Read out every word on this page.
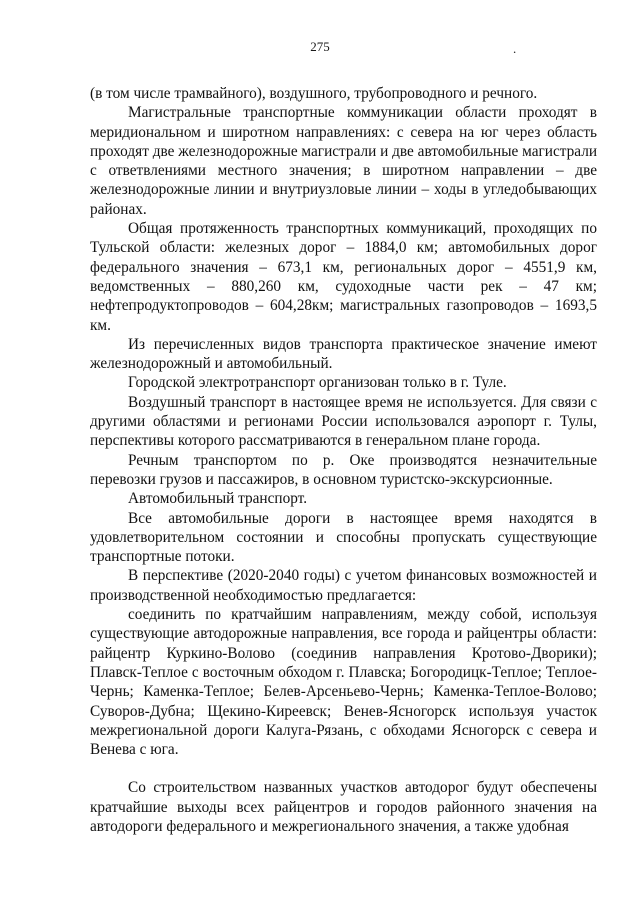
275	.

(в том числе трамвайного), воздушного, трубопроводного и речного.

Магистральные транспортные коммуникации области проходят в меридиональном и широтном направлениях: с севера на юг через область проходят две железнодорожные магистрали и две автомобильные магистрали с ответвлениями местного значения; в широтном направлении – две железнодорожные линии и внутриузловые линии – ходы в угледобывающих районах.

Общая протяженность транспортных коммуникаций, проходящих по Тульской области: железных дорог – 1884,0 км; автомобильных дорог федерального значения – 673,1 км, региональных дорог – 4551,9 км, ведомственных – 880,260 км, судоходные части рек – 47 км; нефтепродуктопроводов – 604,28км; магистральных газопроводов – 1693,5 км.

Из перечисленных видов транспорта практическое значение имеют железнодорожный и автомобильный.

Городской электротранспорт организован только в г. Туле.

Воздушный транспорт в настоящее время не используется. Для связи с другими областями и регионами России использовался аэропорт г. Тулы, перспективы которого рассматриваются в генеральном плане города.

Речным транспортом по р. Оке производятся незначительные перевозки грузов и пассажиров, в основном туристско-экскурсионные.

Автомобильный транспорт.

Все автомобильные дороги в настоящее время находятся в удовлетворительном состоянии и способны пропускать существующие транспортные потоки.

В перспективе (2020-2040 годы) с учетом финансовых возможностей и производственной необходимостью предлагается:

соединить по кратчайшим направлениям, между собой, используя существующие автодорожные направления, все города и райцентры области: райцентр Куркино-Волово (соединив направления Кротово-Дворики); Плавск-Теплое с восточным обходом г. Плавска; Богородицк-Теплое; Теплое-Чернь; Каменка-Теплое; Белев-Арсеньево-Чернь; Каменка-Теплое-Волово; Суворов-Дубна; Щекино-Киреевск; Венев-Ясногорск используя участок межрегиональной дороги Калуга-Рязань, с обходами Ясногорск с севера и Венева с юга.

Со строительством названных участков автодорог будут обеспечены кратчайшие выходы всех райцентров и городов районного значения на автодороги федерального и межрегионального значения, а также удобная
